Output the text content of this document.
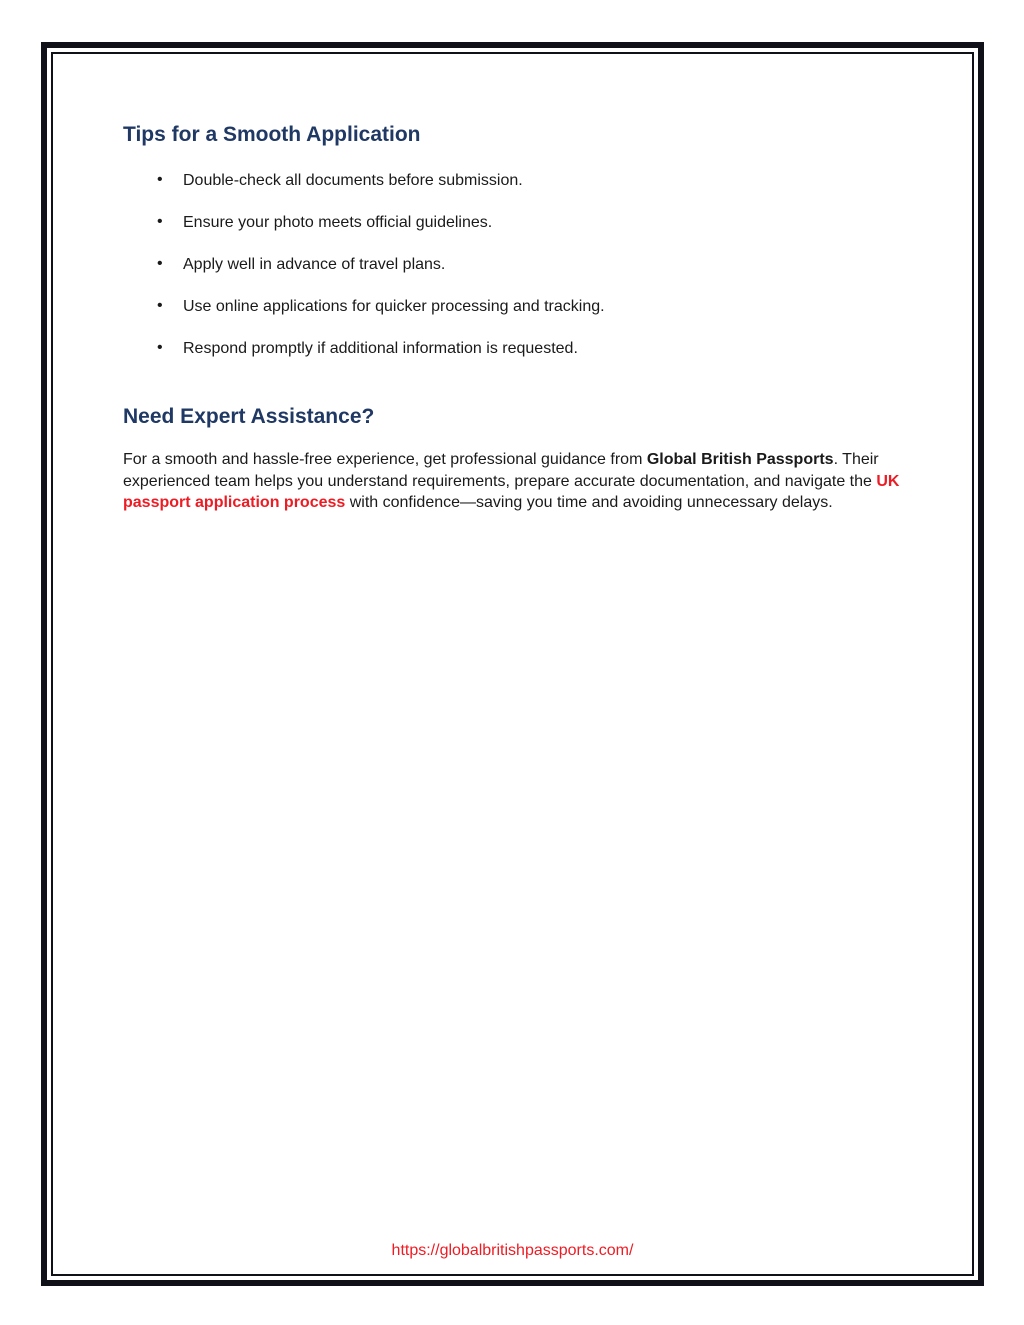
Tips for a Smooth Application
• Double-check all documents before submission.
• Ensure your photo meets official guidelines.
• Apply well in advance of travel plans.
• Use online applications for quicker processing and tracking.
• Respond promptly if additional information is requested.
Need Expert Assistance?

For a smooth and hassle-free experience, get professional guidance from Global British Passports. Their experienced team helps you understand requirements, prepare accurate documentation, and navigate the UK passport application process with confidence—saving you time and avoiding unnecessary delays.

https://globalbritishpassports.com/
